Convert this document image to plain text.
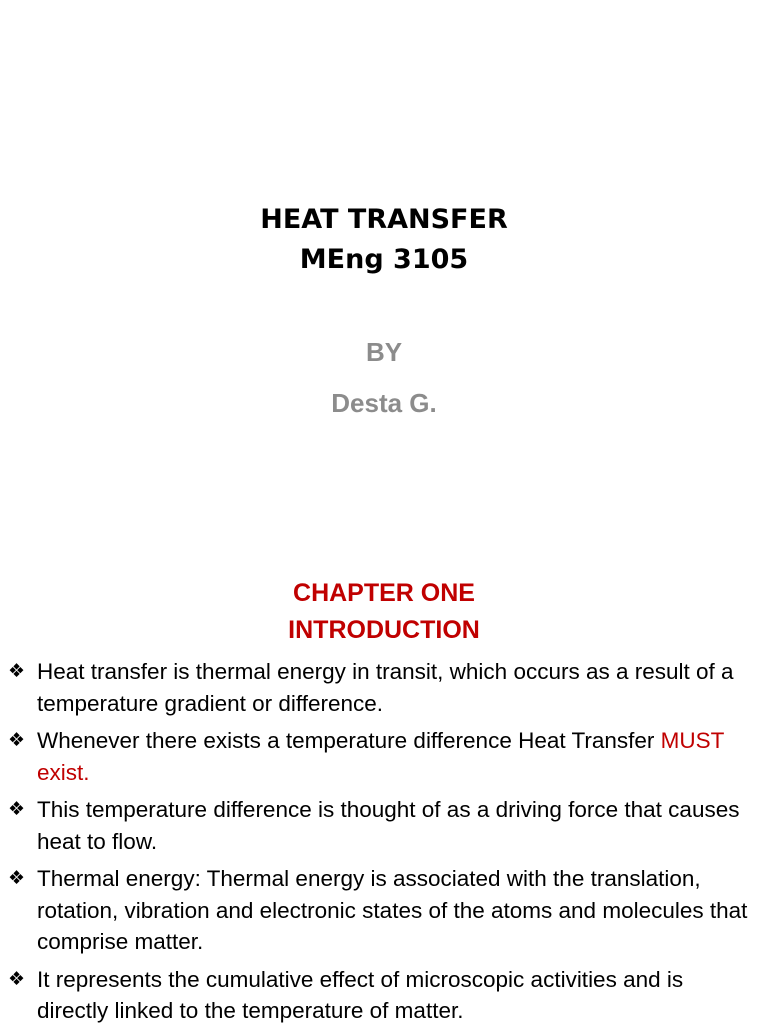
HEAT TRANSFER
MEng 3105
BY
Desta G.
CHAPTER ONE
INTRODUCTION
❖ Heat transfer is thermal energy in transit, which occurs as a result of a temperature gradient or difference.
❖ Whenever there exists a temperature difference Heat Transfer MUST exist.
❖ This temperature difference is thought of as a driving force that causes heat to flow.
❖ Thermal energy: Thermal energy is associated with the translation, rotation, vibration and electronic states of the atoms and molecules that comprise matter.
❖ It represents the cumulative effect of microscopic activities and is directly linked to the temperature of matter.
